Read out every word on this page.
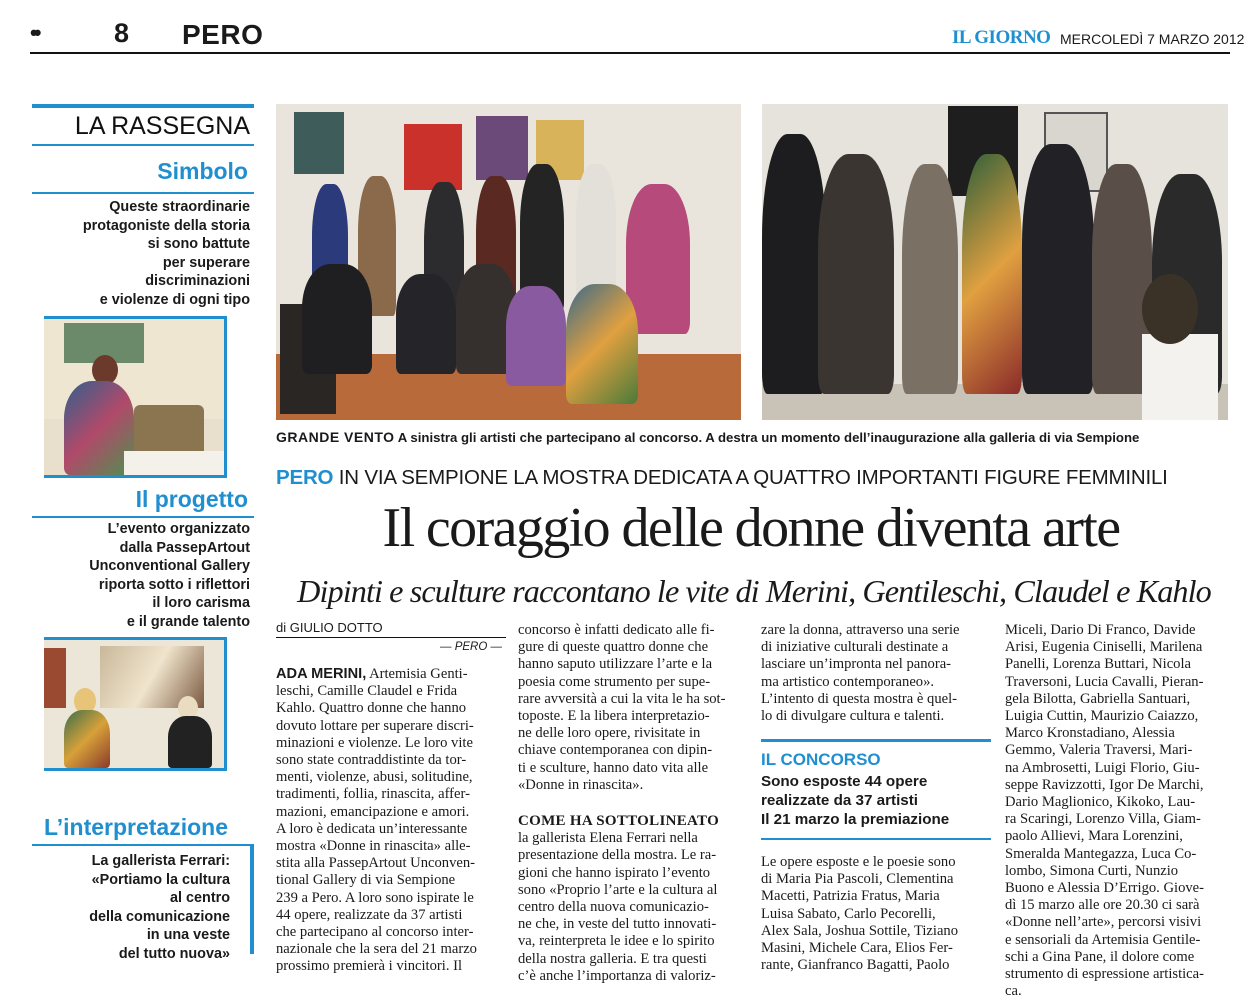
••	8 PERO	IL GIORNO MERCOLEDÌ 7 MARZO 2012
LA RASSEGNA
Simbolo
Queste straordinarie
protagoniste della storia
si sono battute
per superare
discriminazioni
e violenze di ogni tipo
Il progetto
L’evento organizzato
dalla PassepArtout
Unconventional Gallery
riporta sotto i riflettori
il loro carisma
e il grande talento
L’interpretazione
La gallerista Ferrari:
«Portiamo la cultura
al centro
della comunicazione
in una veste
del tutto nuova»
GRANDE VENTO A sinistra gli artisti che partecipano al concorso. A destra un momento dell’inaugurazione alla galleria di via Sempione
PERO IN VIA SEMPIONE LA MOSTRA DEDICATA A QUATTRO IMPORTANTI FIGURE FEMMINILI
Il coraggio delle donne diventa arte
Dipinti e sculture raccontano le vite di Merini, Gentileschi, Claudel e Kahlo
di GIULIO DOTTO
— PERO —

ADA MERINI, Artemisia Genti-

leschi, Camille Claudel e Frida

Kahlo. Quattro donne che hanno

dovuto lottare per superare discri-

minazioni e violenze. Le loro vite

sono state contraddistinte da tor-

menti, violenze, abusi, solitudine,

tradimenti, follia, rinascita, affer-

mazioni, emancipazione e amori.

A loro è dedicata un’interessante

mostra «Donne in rinascita» alle-

stita alla PassepArtout Unconven-

tional Gallery di via Sempione

239 a Pero. A loro sono ispirate le

44 opere, realizzate da 37 artisti

che partecipano al concorso inter-

nazionale che la sera del 21 marzo

prossimo premierà i vincitori. Il

concorso è infatti dedicato alle fi-

gure di queste quattro donne che

hanno saputo utilizzare l’arte e la

poesia come strumento per supe-

rare avversità a cui la vita le ha sot-

toposte. E la libera interpretazio-

ne delle loro opere, rivisitate in

chiave contemporanea con dipin-

ti e sculture, hanno dato vita alle

«Donne in rinascita».

COME HA SOTTOLINEATO

la gallerista Elena Ferrari nella

presentazione della mostra. Le ra-

gioni che hanno ispirato l’evento

sono «Proprio l’arte e la cultura al

centro della nuova comunicazio-

ne che, in veste del tutto innovati-

va, reinterpreta le idee e lo spirito

della nostra galleria. E tra questi

c’è anche l’importanza di valoriz-

zare la donna, attraverso una serie

di iniziative culturali destinate a

lasciare un’impronta nel panora-

ma artistico contemporaneo».

L’intento di questa mostra è quel-

lo di divulgare cultura e talenti.

IL CONCORSO
Sono esposte 44 opere
realizzate da 37 artisti
Il 21 marzo la premiazione

Le opere esposte e le poesie sono

di Maria Pia Pascoli, Clementina

Macetti, Patrizia Fratus, Maria

Luisa Sabato, Carlo Pecorelli,

Alex Sala, Joshua Sottile, Tiziano

Masini, Michele Cara, Elios Fer-

rante, Gianfranco Bagatti, Paolo

Miceli, Dario Di Franco, Davide

Arisi, Eugenia Ciniselli, Marilena

Panelli, Lorenza Buttari, Nicola

Traversoni, Lucia Cavalli, Pieran-

gela Bilotta, Gabriella Santuari,

Luigia Cuttin, Maurizio Caiazzo,

Marco Kronstadiano, Alessia

Gemmo, Valeria Traversi, Mari-

na Ambrosetti, Luigi Florio, Giu-

seppe Ravizzotti, Igor De Marchi,

Dario Maglionico, Kikoko, Lau-

ra Scaringi, Lorenzo Villa, Giam-

paolo Allievi, Mara Lorenzini,

Smeralda Mantegazza, Luca Co-

lombo, Simona Curti, Nunzio

Buono e Alessia D’Errigo. Giove-

dì 15 marzo alle ore 20.30 ci sarà

«Donne nell’arte», percorsi visivi

e sensoriali da Artemisia Gentile-

schi a Gina Pane, il dolore come

strumento di espressione artistica-

ca.
